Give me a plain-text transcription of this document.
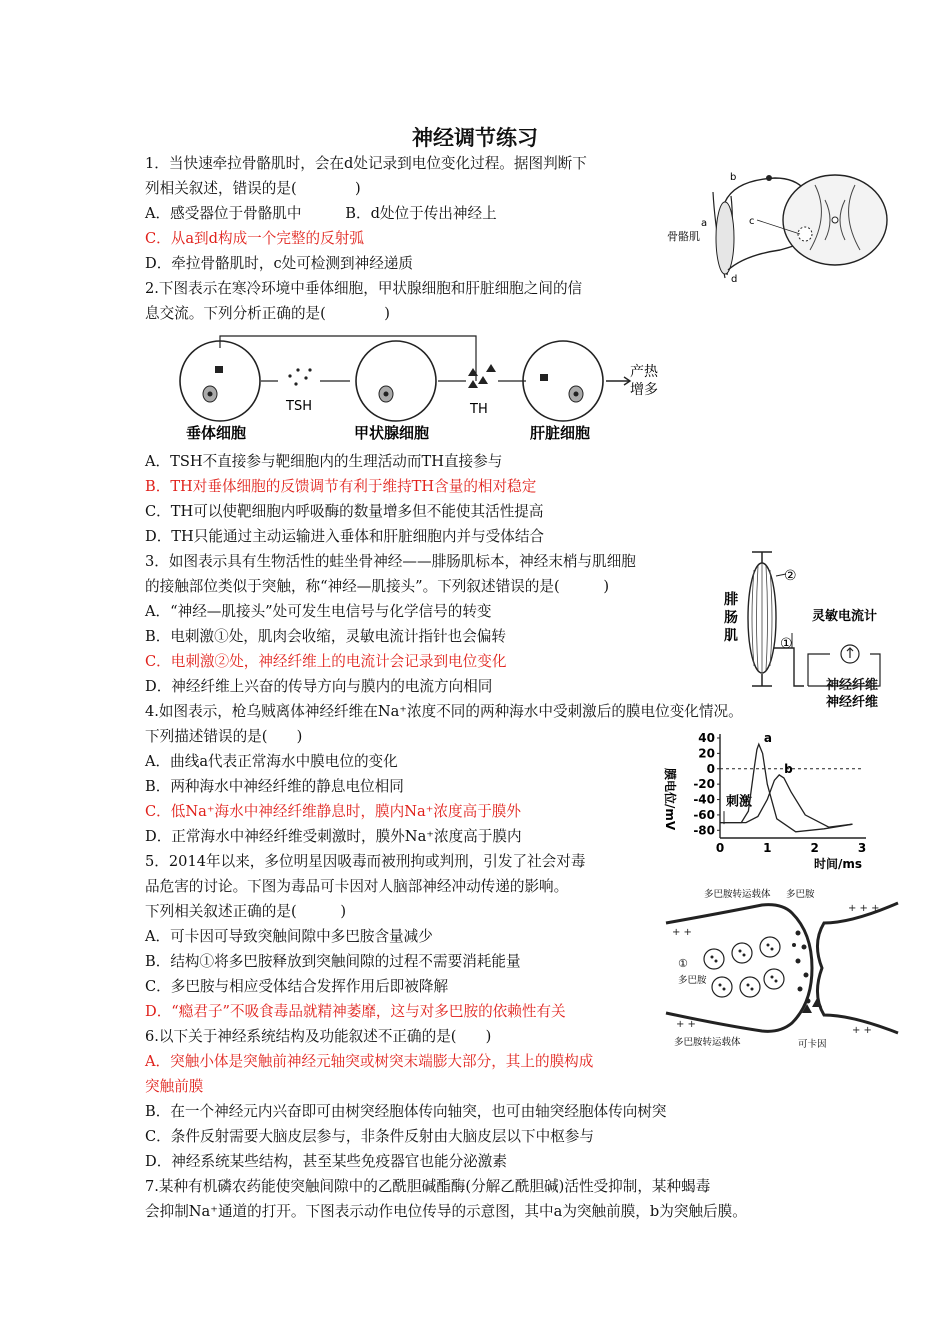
神经调节练习
1．当快速牵拉骨骼肌时，会在d处记录到电位变化过程。据图判断下
列相关叙述，错误的是(　　　　)
A．感受器位于骨骼肌中　　　B．d处位于传出神经上
C．从a到d构成一个完整的反射弧
D．牵拉骨骼肌时，c处可检测到神经递质
2.下图表示在寒冷环境中垂体细胞，甲状腺细胞和肝脏细胞之间的信
息交流。下列分析正确的是(　　　　)
A．TSH不直接参与靶细胞内的生理活动而TH直接参与
B．TH对垂体细胞的反馈调节有利于维持TH含量的相对稳定
C．TH可以使靶细胞内呼吸酶的数量增多但不能使其活性提高
D．TH只能通过主动运输进入垂体和肝脏细胞内并与受体结合
3．如图表示具有生物活性的蛙坐骨神经——腓肠肌标本，神经末梢与肌细胞
的接触部位类似于突触，称“神经—肌接头”。下列叙述错误的是(　　　)
A．“神经—肌接头”处可发生电信号与化学信号的转变
B．电刺激①处，肌肉会收缩，灵敏电流计指针也会偏转
C．电刺激②处，神经纤维上的电流计会记录到电位变化
D．神经纤维上兴奋的传导方向与膜内的电流方向相同
4.如图表示，枪乌贼离体神经纤维在Na⁺浓度不同的两种海水中受刺激后的膜电位变化情况。
下列描述错误的是(　　)
A．曲线a代表正常海水中膜电位的变化
B．两种海水中神经纤维的静息电位相同
C．低Na⁺海水中神经纤维静息时，膜内Na⁺浓度高于膜外
D．正常海水中神经纤维受刺激时，膜外Na⁺浓度高于膜内
5．2014年以来，多位明星因吸毒而被刑拘或判刑，引发了社会对毒
品危害的讨论。下图为毒品可卡因对人脑部神经冲动传递的影响。
下列相关叙述正确的是(　　　)
A．可卡因可导致突触间隙中多巴胺含量减少
B．结构①将多巴胺释放到突触间隙的过程不需要消耗能量
C．多巴胺与相应受体结合发挥作用后即被降解
D．“瘾君子”不吸食毒品就精神萎靡，这与对多巴胺的依赖性有关
6.以下关于神经系统结构及功能叙述不正确的是(　　)
A．突触小体是突触前神经元轴突或树突末端膨大部分，其上的膜构成
突触前膜
B．在一个神经元内兴奋即可由树突经胞体传向轴突，也可由轴突经胞体传向树突
C．条件反射需要大脑皮层参与，非条件反射由大脑皮层以下中枢参与
D．神经系统某些结构，甚至某些免疫器官也能分泌激素
7.某种有机磷农药能使突触间隙中的乙酰胆碱酯酶(分解乙酰胆碱)活性受抑制，某种蝎毒
会抑制Na⁺通道的打开。下图表示动作电位传导的示意图，其中a为突触前膜，b为突触后膜。
b
a
骨骼肌
c
d
垂体细胞	甲状腺细胞	肝脏细胞
TSH	TH
产热
增多
腓
肠
肌
②
①
灵敏电流计
神经纤维
神经纤维
40
20
0
-20
-40
-60
-80
0	1	2	3
膜电位/mV
时间/ms
刺激
a
b
+ +
+ + +
+ +
+ +
多巴胺转运载体 多巴胺
①
多巴胺
多巴胺转运载体	可卡因
